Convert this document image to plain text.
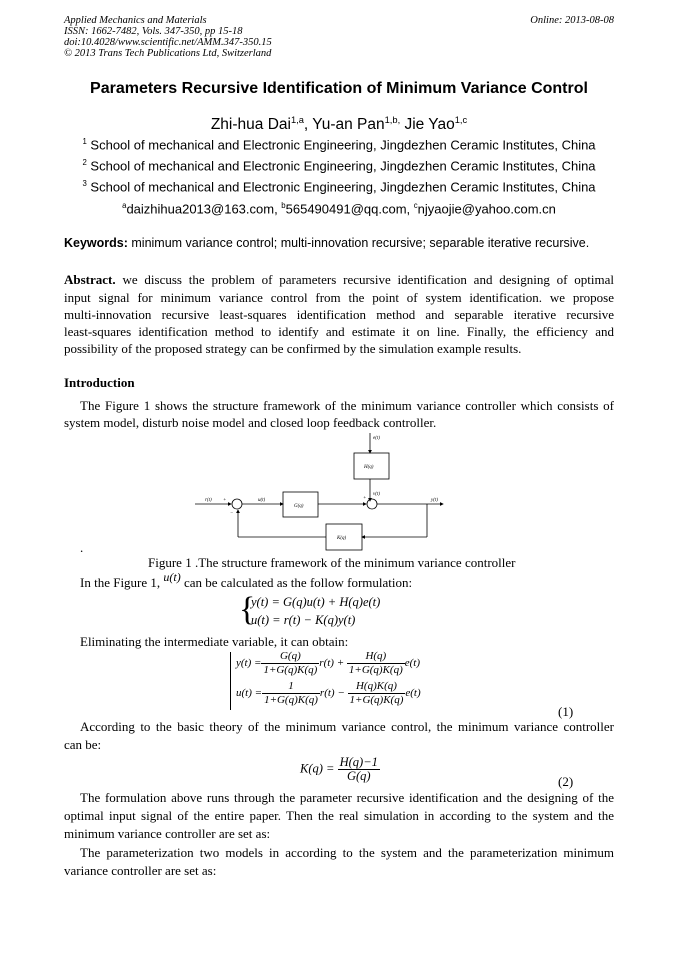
Applied Mechanics and Materials
ISSN: 1662-7482, Vols. 347-350, pp 15-18
doi:10.4028/www.scientific.net/AMM.347-350.15
© 2013 Trans Tech Publications Ltd, Switzerland
Online: 2013-08-08
Parameters Recursive Identification of Minimum Variance Control
Zhi-hua Dai$^{1,a}$, Yu-an Pan$^{1,b,}$ Jie Yao$^{1,c}$
$^1$ School of mechanical and Electronic Engineering, Jingdezhen Ceramic Institutes, China
$^2$ School of mechanical and Electronic Engineering, Jingdezhen Ceramic Institutes, China
$^3$ School of mechanical and Electronic Engineering, Jingdezhen Ceramic Institutes, China
$^a$daizhihua2013@163.com, $^b$565490491@qq.com, $^c$njyaojie@yahoo.com.cn
Keywords: minimum variance control; multi-innovation recursive; separable iterative recursive.
Abstract. we discuss the problem of parameters recursive identification and designing of optimal
input signal for minimum variance control from the point of system identification. we propose
multi-innovation recursive least-squares identification method and separable iterative recursive
least-squares identification method to identify and estimate it on line. Finally, the efficiency and
possibility of the proposed strategy can be confirmed by the simulation example results.
Introduction
The Figure 1 shows the structure framework of the minimum variance controller which consists of
system model, disturb noise model and closed loop feedback controller.
e(t)
H(q)
v(t)
r(t) +
−
u(t)
G(q)
+	y(t)
K(q)
.
Figure 1 .The structure framework of the minimum variance controller
In the Figure 1, u(t) can be calculated as the follow formulation:
{
y(t) = G(q)u(t) + H(q)e(t)
u(t) = r(t) − K(q)y(t)
Eliminating the intermediate variable, it can obtain:
$y(t) = \frac{G(q)}{1+G(q)K(q)} r(t) + \frac{H(q)}{1+G(q)K(q)} e(t)$
$u(t) = \frac{1}{1+G(q)K(q)} r(t) - \frac{H(q)K(q)}{1+G(q)K(q)} e(t)$
(1)
According to the basic theory of the minimum variance control, the minimum variance controller
can be:
$K(q) = \frac{H(q)-1}{G(q)}$	(2)
The formulation above runs through the parameter recursive identification and the designing of the
optimal input signal of the entire paper. Then the real simulation in according to the system and the
minimum variance controller are set as:
The parameterization two models in according to the system and the parameterization minimum
variance controller are set as:
